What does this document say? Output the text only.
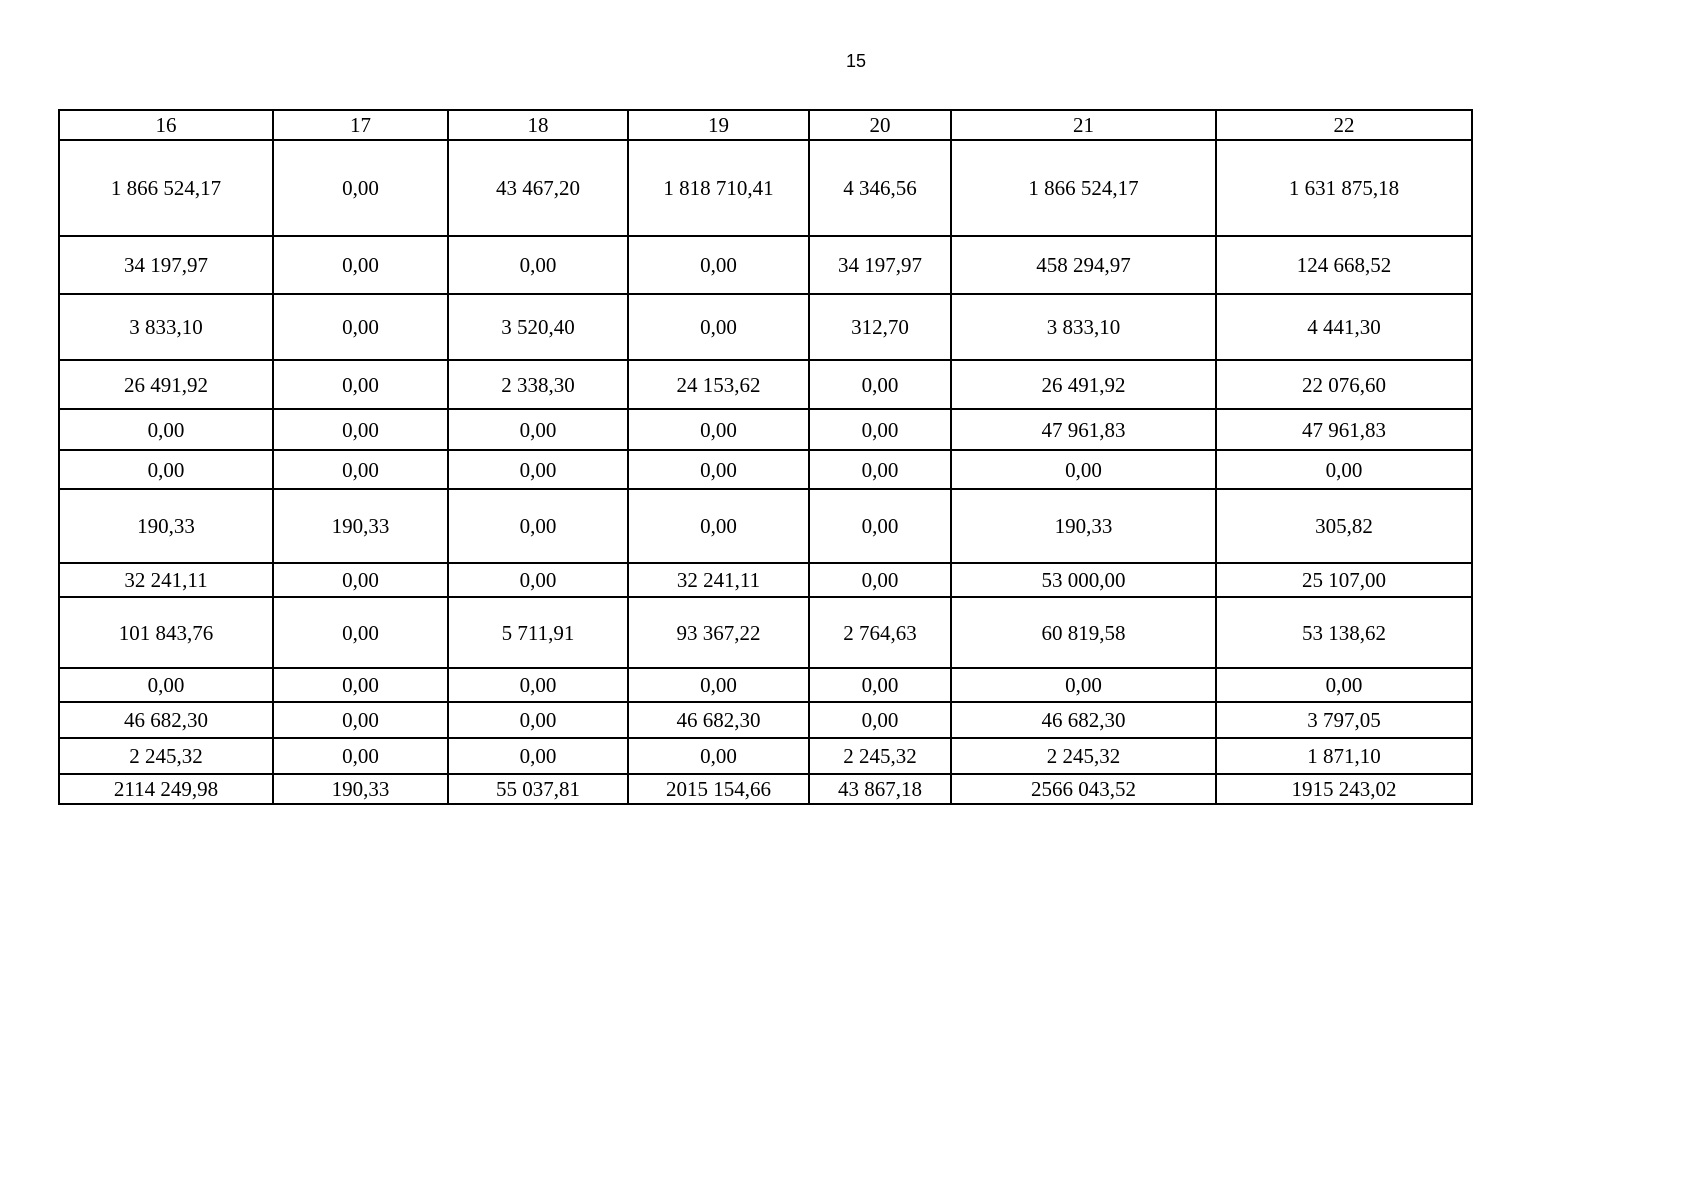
15
16	17	18	19	20	21	22
1 866 524,17	0,00	43 467,20	1 818 710,41	4 346,56	1 866 524,17	1 631 875,18
34 197,97	0,00	0,00	0,00	34 197,97	458 294,97	124 668,52
3 833,10	0,00	3 520,40	0,00	312,70	3 833,10	4 441,30
26 491,92	0,00	2 338,30	24 153,62	0,00	26 491,92	22 076,60
0,00	0,00	0,00	0,00	0,00	47 961,83	47 961,83
0,00	0,00	0,00	0,00	0,00	0,00	0,00
190,33	190,33	0,00	0,00	0,00	190,33	305,82
32 241,11	0,00	0,00	32 241,11	0,00	53 000,00	25 107,00
101 843,76	0,00	5 711,91	93 367,22	2 764,63	60 819,58	53 138,62
0,00	0,00	0,00	0,00	0,00	0,00	0,00
46 682,30	0,00	0,00	46 682,30	0,00	46 682,30	3 797,05
2 245,32	0,00	0,00	0,00	2 245,32	2 245,32	1 871,10
2114 249,98	190,33	55 037,81	2015 154,66	43 867,18	2566 043,52	1915 243,02
